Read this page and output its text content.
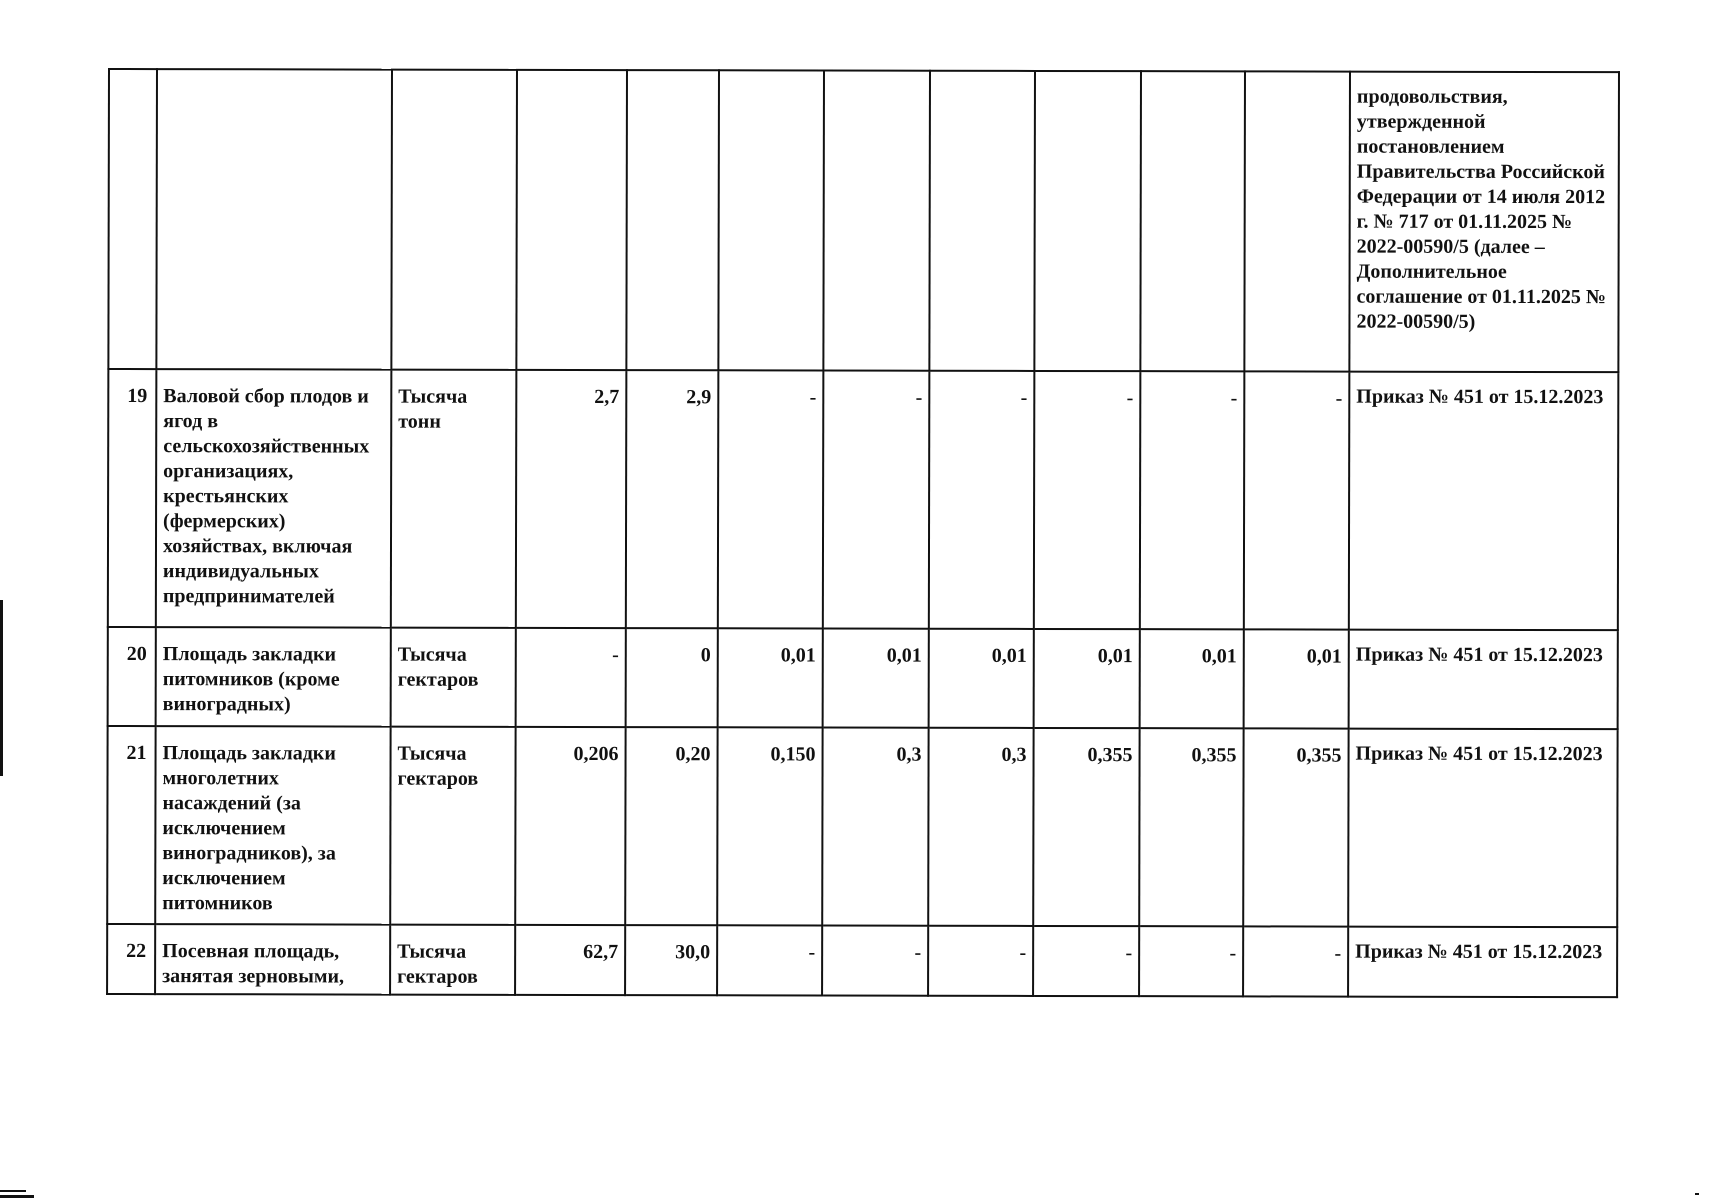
											продовольствия, утвержденной постановлением Правительства Российской Федерации от 14 июля 2012 г. № 717 от 01.11.2025 № 2022-00590/5 (далее – Дополнительное соглашение от 01.11.2025 № 2022-00590/5)
19	Валовой сбор плодов и ягод в сельскохозяйственных организациях, крестьянских (фермерских) хозяйствах, включая индивидуальных предпринимателей	Тысяча тонн	2,7	2,9	-	-	-	-	-	-	Приказ № 451 от 15.12.2023
20	Площадь закладки питомников (кроме виноградных)	Тысяча гектаров	-	0	0,01	0,01	0,01	0,01	0,01	0,01	Приказ № 451 от 15.12.2023
21	Площадь закладки многолетних насаждений (за исключением виноградников), за исключением питомников	Тысяча гектаров	0,206	0,20	0,150	0,3	0,3	0,355	0,355	0,355	Приказ № 451 от 15.12.2023
22	Посевная площадь, занятая зерновыми,	Тысяча гектаров	62,7	30,0	-	-	-	-	-	-	Приказ № 451 от 15.12.2023
